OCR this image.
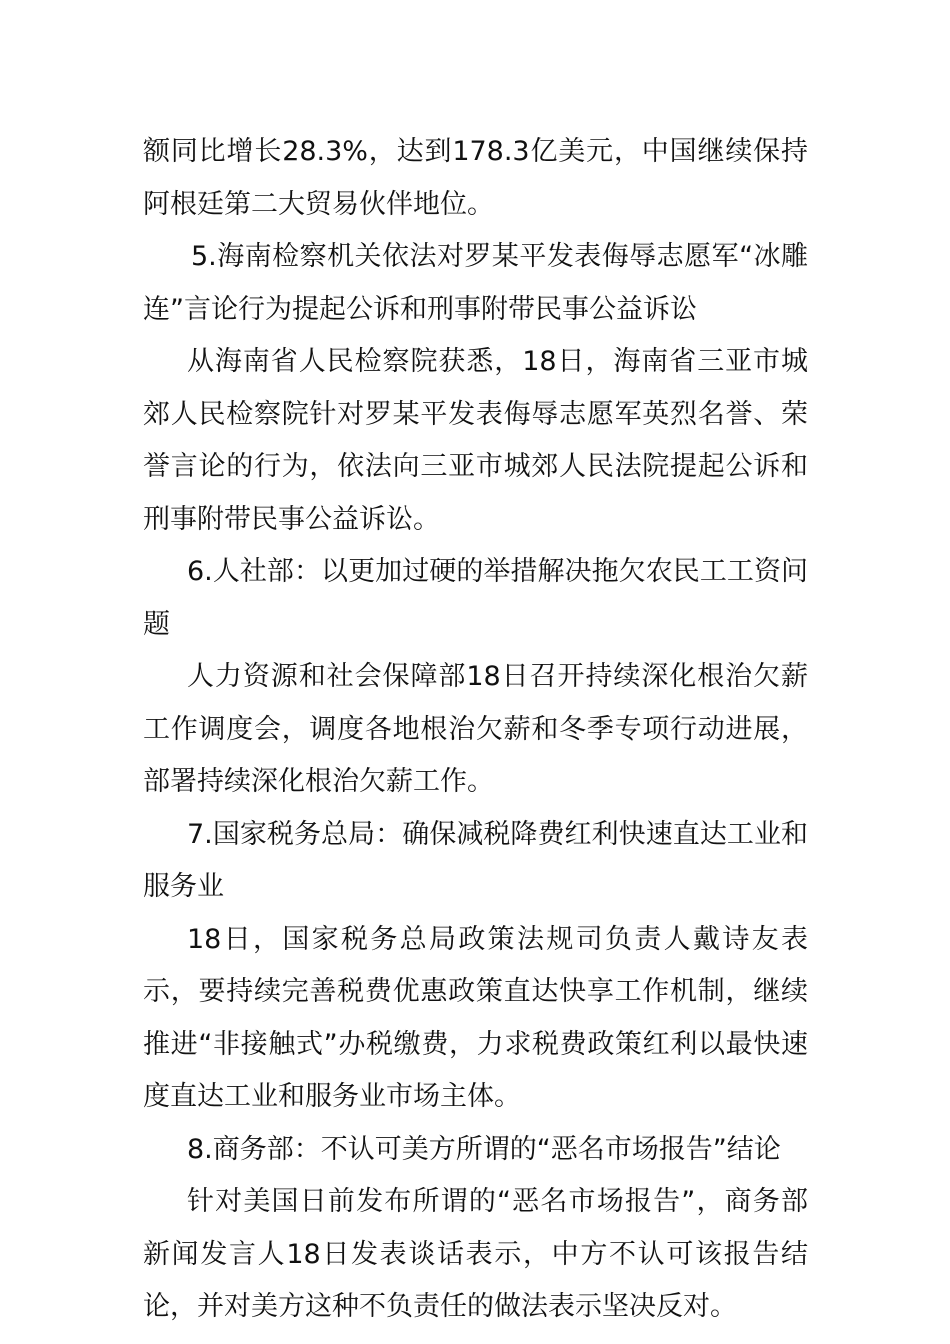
额同比增长28.3%，达到178.3亿美元，中国继续保持阿根廷第二大贸易伙伴地位。

5.海南检察机关依法对罗某平发表侮辱志愿军“冰雕连”言论行为提起公诉和刑事附带民事公益诉讼

从海南省人民检察院获悉，18日，海南省三亚市城郊人民检察院针对罗某平发表侮辱志愿军英烈名誉、荣誉言论的行为，依法向三亚市城郊人民法院提起公诉和刑事附带民事公益诉讼。

6.人社部：以更加过硬的举措解决拖欠农民工工资问题

人力资源和社会保障部18日召开持续深化根治欠薪工作调度会，调度各地根治欠薪和冬季专项行动进展，部署持续深化根治欠薪工作。

7.国家税务总局：确保减税降费红利快速直达工业和服务业

18日，国家税务总局政策法规司负责人戴诗友表示，要持续完善税费优惠政策直达快享工作机制，继续推进“非接触式”办税缴费，力求税费政策红利以最快速度直达工业和服务业市场主体。

8.商务部：不认可美方所谓的“恶名市场报告”结论

针对美国日前发布所谓的“恶名市场报告”，商务部新闻发言人18日发表谈话表示，中方不认可该报告结论，并对美方这种不负责任的做法表示坚决反对。
